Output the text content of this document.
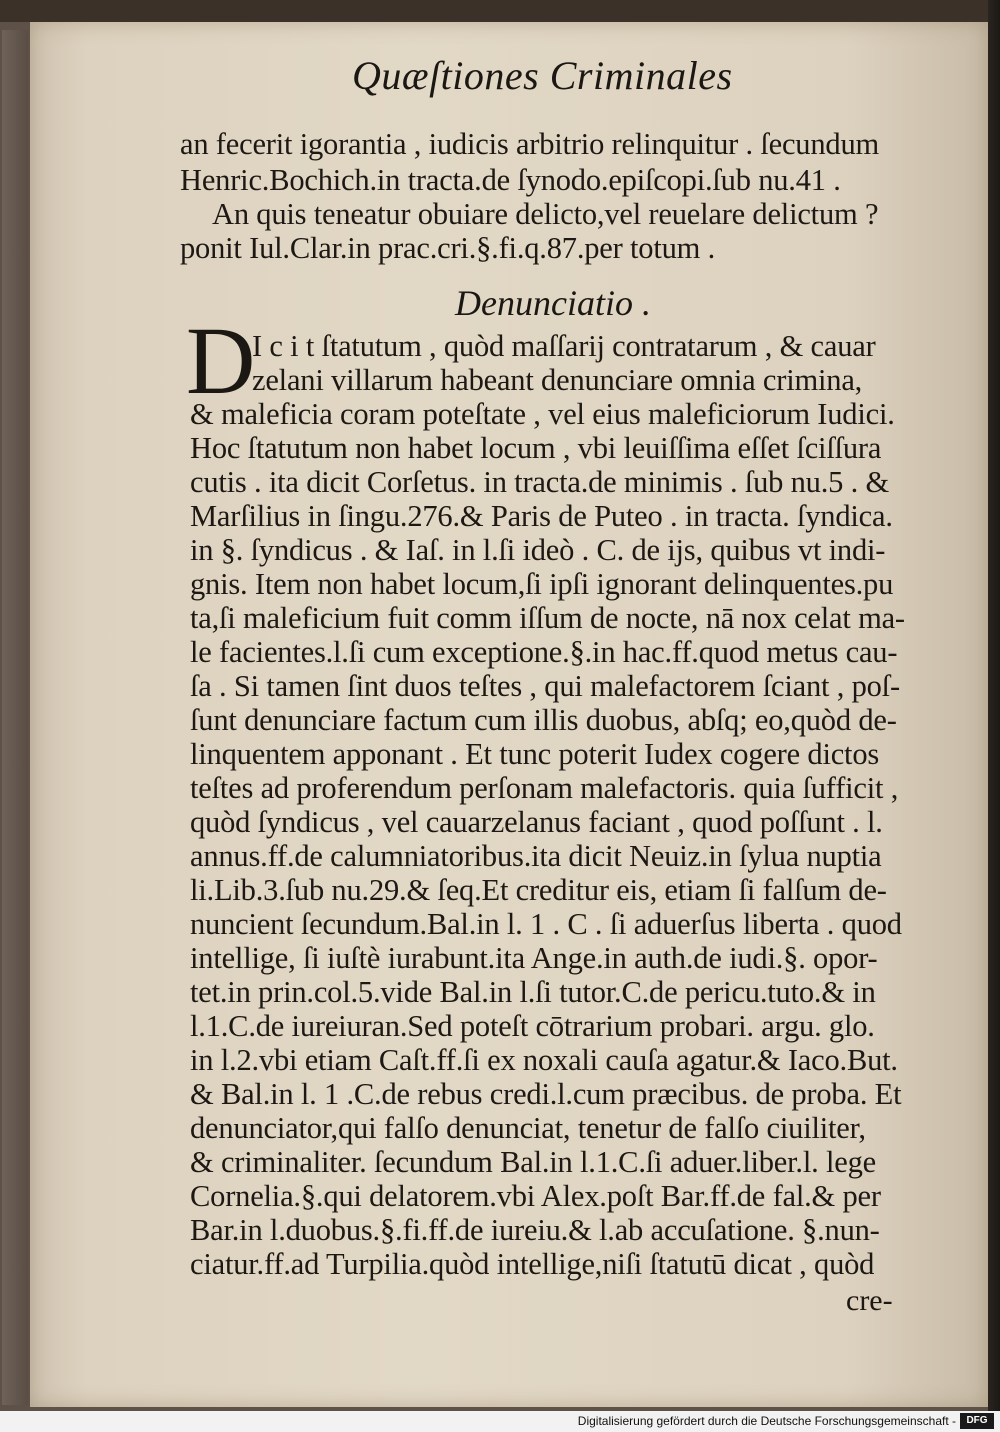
Quæſtiones Criminales
an fecerit igorantia , iudicis arbitrio relinquitur . ſecundum
Henric.Bochich.in tracta.de ſynodo.epiſcopi.ſub nu.41 .
An quis teneatur obuiare delicto,vel reuelare delictum ?
ponit Iul.Clar.in prac.cri.§.fi.q.87.per totum .
Denunciatio .
D
I c i t ſtatutum , quòd maſſarij contratarum , & cauar
zelani villarum habeant denunciare omnia crimina,
& maleficia coram poteſtate , vel eius maleficiorum Iudici.
Hoc ſtatutum non habet locum , vbi leuiſſima eſſet ſciſſura
cutis . ita dicit Corſetus. in tracta.de minimis . ſub nu.5 . &
Marſilius in ſingu.276.& Paris de Puteo . in tracta. ſyndica.
in §. ſyndicus . & Iaſ. in l.ſi ideò . C. de ijs, quibus vt indi-
gnis. Item non habet locum,ſi ipſi ignorant delinquentes.pu
ta,ſi maleficium fuit comm iſſum de nocte, nā nox celat ma-
le facientes.l.ſi cum exceptione.§.in hac.ff.quod metus cau-
ſa . Si tamen ſint duos teſtes , qui malefactorem ſciant , poſ-
ſunt denunciare factum cum illis duobus, abſq; eo,quòd de-
linquentem apponant . Et tunc poterit Iudex cogere dictos
teſtes ad proferendum perſonam malefactoris. quia ſufficit ,
quòd ſyndicus , vel cauarzelanus faciant , quod poſſunt . l.
annus.ff.de calumniatoribus.ita dicit Neuiz.in ſylua nuptia
li.Lib.3.ſub nu.29.& ſeq.Et creditur eis, etiam ſi falſum de-
nuncient ſecundum.Bal.in l. 1 . C . ſi aduerſus liberta . quod
intellige, ſi iuſtè iurabunt.ita Ange.in auth.de iudi.§. opor-
tet.in prin.col.5.vide Bal.in l.ſi tutor.C.de pericu.tuto.& in
l.1.C.de iureiuran.Sed poteſt cōtrarium probari. argu. glo.
in l.2.vbi etiam Caſt.ff.ſi ex noxali cauſa agatur.& Iaco.But.
& Bal.in l. 1 .C.de rebus credi.l.cum præcibus. de proba. Et
denunciator,qui falſo denunciat, tenetur de falſo ciuiliter,
& criminaliter. ſecundum Bal.in l.1.C.ſi aduer.liber.l. lege
Cornelia.§.qui delatorem.vbi Alex.poſt Bar.ff.de fal.& per
Bar.in l.duobus.§.fi.ff.de iureiu.& l.ab accuſatione. §.nun-
ciatur.ff.ad Turpilia.quòd intellige,niſi ſtatutū dicat , quòd
cre-
Digitalisierung gefördert durch die Deutsche Forschungsgemeinschaft -	DFG
